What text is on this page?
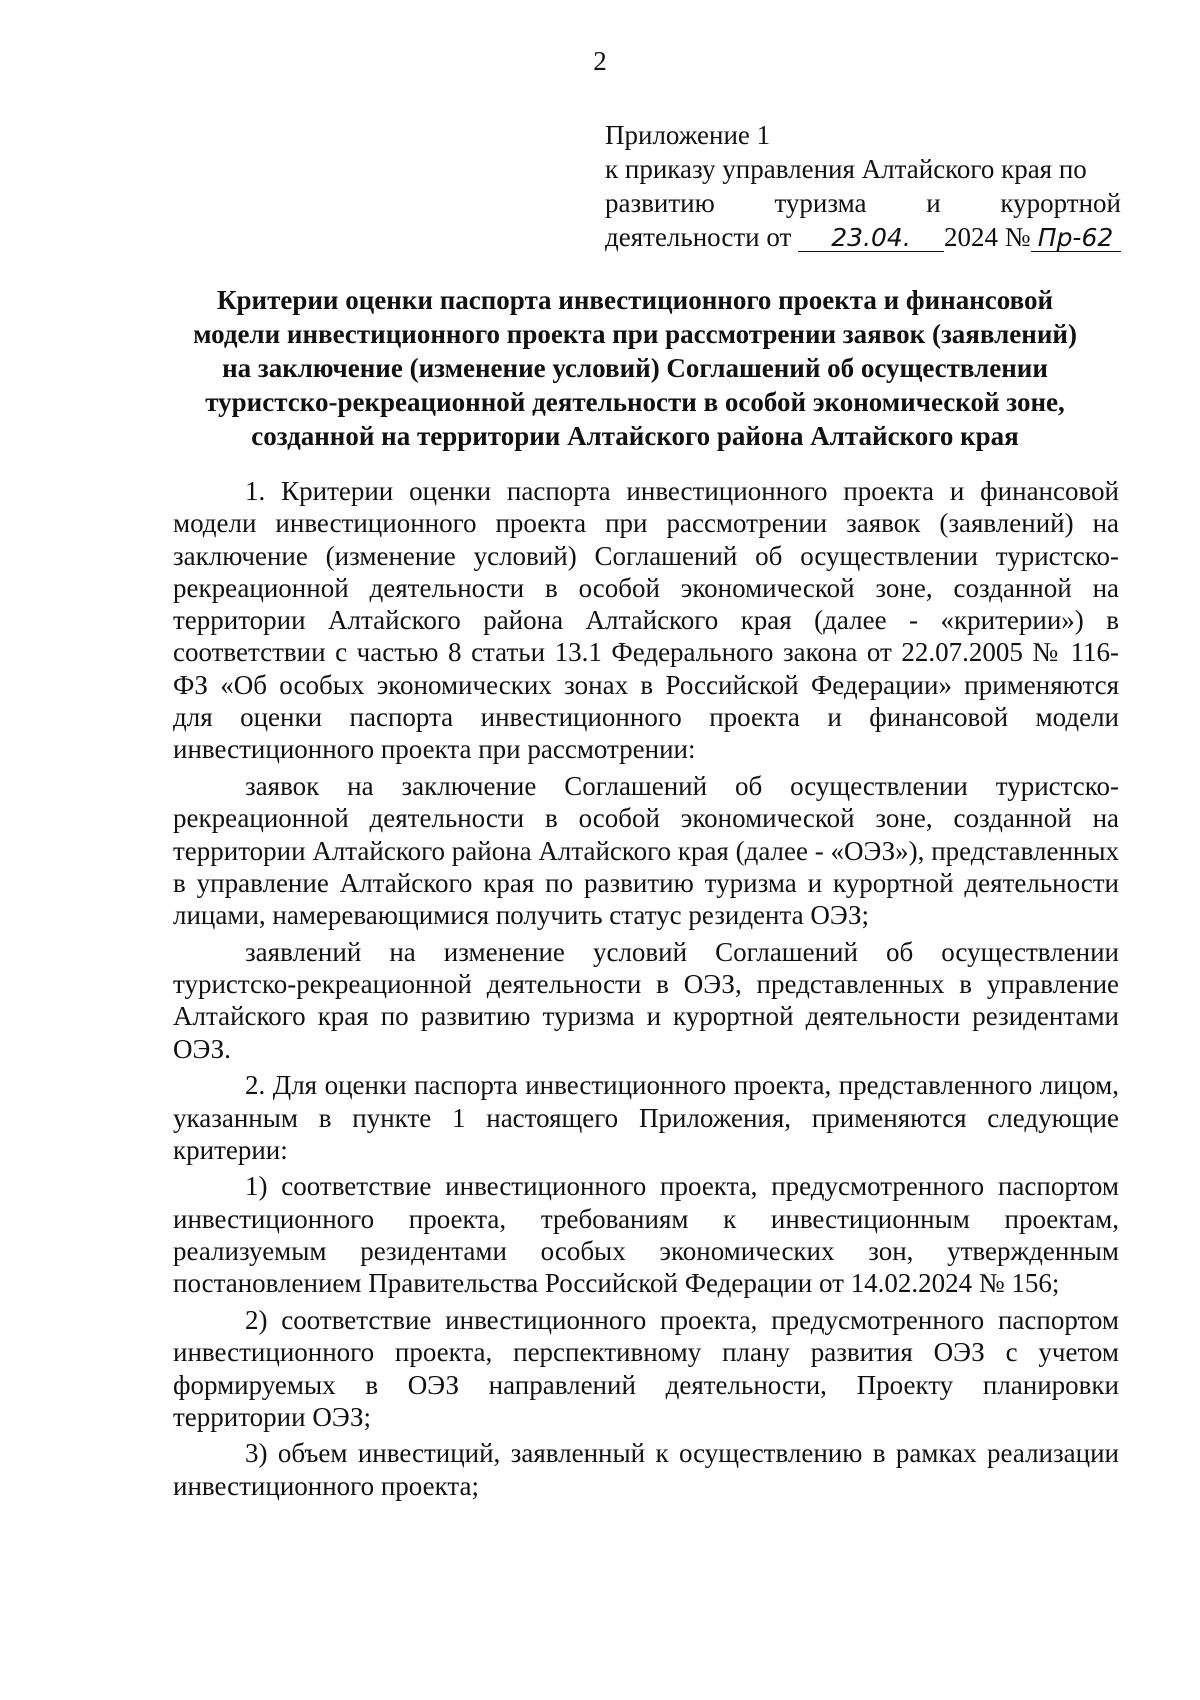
2
Приложение 1
к приказу управления Алтайского края по
развитию туризма и курортной
деятельности от 23.04. 2024 № Пр-62
Критерии оценки паспорта инвестиционного проекта и финансовой
модели инвестиционного проекта при рассмотрении заявок (заявлений)
на заключение (изменение условий) Соглашений об осуществлении
туристско-рекреационной деятельности в особой экономической зоне,
созданной на территории Алтайского района Алтайского края

1. Критерии оценки паспорта инвестиционного проекта и финансовой модели инвестиционного проекта при рассмотрении заявок (заявлений) на заключение (изменение условий) Соглашений об осуществлении туристско-рекреационной деятельности в особой экономической зоне, созданной на территории Алтайского района Алтайского края (далее - «критерии») в соответствии с частью 8 статьи 13.1 Федерального закона от 22.07.2005 № 116-ФЗ «Об особых экономических зонах в Российской Федерации» применяются для оценки паспорта инвестиционного проекта и финансовой модели инвестиционного проекта при рассмотрении:

заявок на заключение Соглашений об осуществлении туристско-рекреационной деятельности в особой экономической зоне, созданной на территории Алтайского района Алтайского края (далее - «ОЭЗ»), представленных в управление Алтайского края по развитию туризма и курортной деятельности лицами, намеревающимися получить статус резидента ОЭЗ;

заявлений на изменение условий Соглашений об осуществлении туристско-рекреационной деятельности в ОЭЗ, представленных в управление Алтайского края по развитию туризма и курортной деятельности резидентами ОЭЗ.

2. Для оценки паспорта инвестиционного проекта, представленного лицом, указанным в пункте 1 настоящего Приложения, применяются следующие критерии:

1) соответствие инвестиционного проекта, предусмотренного паспортом инвестиционного проекта, требованиям к инвестиционным проектам, реализуемым резидентами особых экономических зон, утвержденным постановлением Правительства Российской Федерации от 14.02.2024 № 156;

2) соответствие инвестиционного проекта, предусмотренного паспортом инвестиционного проекта, перспективному плану развития ОЭЗ с учетом формируемых в ОЭЗ направлений деятельности, Проекту планировки территории ОЭЗ;

3) объем инвестиций, заявленный к осуществлению в рамках реализации инвестиционного проекта;
